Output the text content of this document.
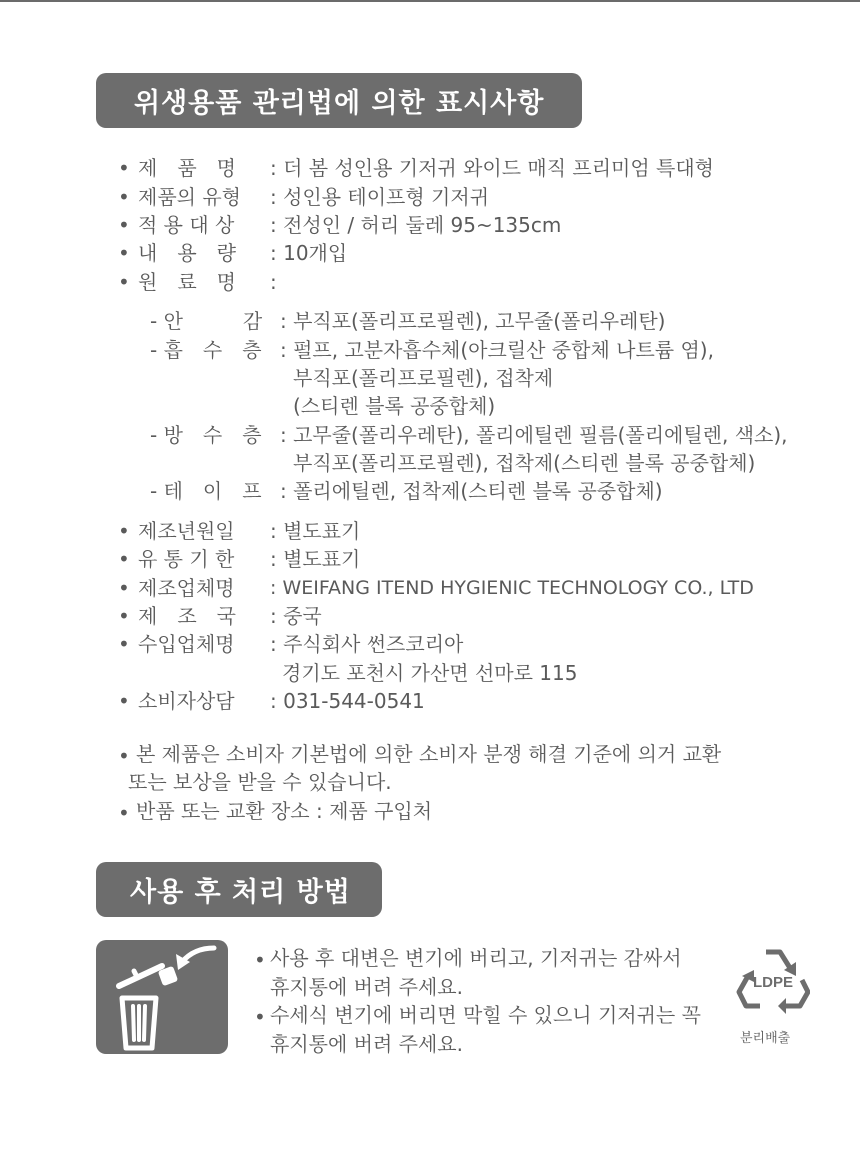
위생용품 관리법에 의한 표시사항
• 제　품　명	: 더 봄 성인용 기저귀 와이드 매직 프리미엄 특대형
• 제품의 유형	: 성인용 테이프형 기저귀
• 적 용 대 상	: 전성인 / 허리 둘레 95~135cm
• 내　용　량	: 10개입
• 원　료　명	:
- 안　　　감 : 부직포(폴리프로필렌), 고무줄(폴리우레탄)
- 흡　수　층 : 펄프, 고분자흡수체(아크릴산 중합체 나트륨 염),
부직포(폴리프로필렌), 접착제
(스티렌 블록 공중합체)
- 방　수　층 : 고무줄(폴리우레탄), 폴리에틸렌 필름(폴리에틸렌, 색소),
부직포(폴리프로필렌), 접착제(스티렌 블록 공중합체)
- 테　이　프 : 폴리에틸렌, 접착제(스티렌 블록 공중합체)
• 제조년원일	: 별도표기
• 유 통 기 한	: 별도표기
• 제조업체명	: WEIFANG ITEND HYGIENIC TECHNOLOGY CO., LTD
• 제　조　국	: 중국
• 수입업체명	: 주식회사 썬즈코리아
경기도 포천시 가산면 선마로 115
• 소비자상담	: 031-544-0541
• 본 제품은 소비자 기본법에 의한 소비자 분쟁 해결 기준에 의거 교환
또는 보상을 받을 수 있습니다.
• 반품 또는 교환 장소 : 제품 구입처
사용 후 처리 방법
• 사용 후 대변은 변기에 버리고, 기저귀는 감싸서
휴지통에 버려 주세요.
• 수세식 변기에 버리면 막힐 수 있으니 기저귀는 꼭
휴지통에 버려 주세요.
LDPE
분리배출
